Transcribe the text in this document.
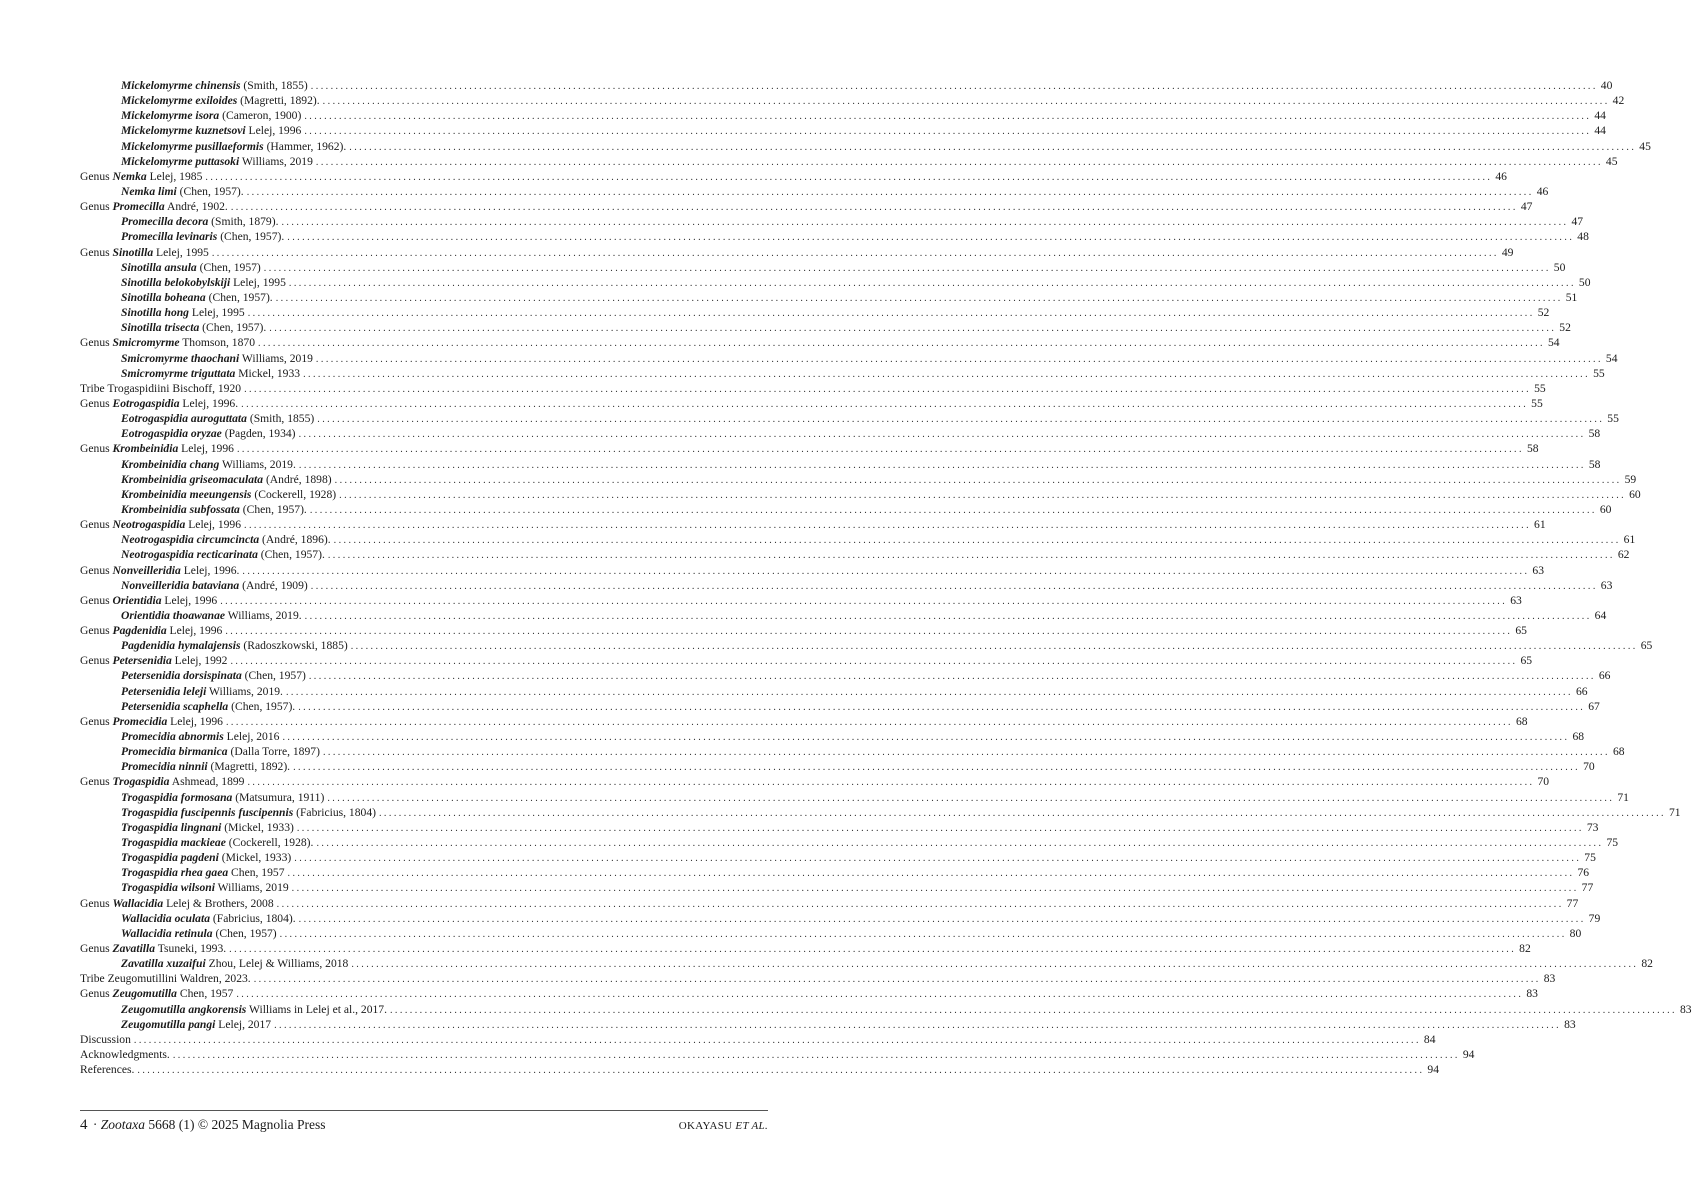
Mickelomyrme chinensis (Smith, 1855) .................................................................................................................................................................................................................................................................... 40
Mickelomyrme exiloides (Magretti, 1892). .................................................................................................................................................................................................................................................................... 42
Mickelomyrme isora (Cameron, 1900) .................................................................................................................................................................................................................................................................... 44
Mickelomyrme kuznetsovi Lelej, 1996 .................................................................................................................................................................................................................................................................... 44
Mickelomyrme pusillaeformis (Hammer, 1962). .................................................................................................................................................................................................................................................................... 45
Mickelomyrme puttasoki Williams, 2019 .................................................................................................................................................................................................................................................................... 45
Genus Nemka Lelej, 1985 .................................................................................................................................................................................................................................................................... 46
Nemka limi (Chen, 1957). .................................................................................................................................................................................................................................................................... 46
Genus Promecilla André, 1902. .................................................................................................................................................................................................................................................................... 47
Promecilla decora (Smith, 1879). .................................................................................................................................................................................................................................................................... 47
Promecilla levinaris (Chen, 1957). .................................................................................................................................................................................................................................................................... 48
Genus Sinotilla Lelej, 1995 .................................................................................................................................................................................................................................................................... 49
Sinotilla ansula (Chen, 1957) .................................................................................................................................................................................................................................................................... 50
Sinotilla belokobylskiji Lelej, 1995 .................................................................................................................................................................................................................................................................... 50
Sinotilla boheana (Chen, 1957). .................................................................................................................................................................................................................................................................... 51
Sinotilla hong Lelej, 1995 .................................................................................................................................................................................................................................................................... 52
Sinotilla trisecta (Chen, 1957). .................................................................................................................................................................................................................................................................... 52
Genus Smicromyrme Thomson, 1870 .................................................................................................................................................................................................................................................................... 54
Smicromyrme thaochani Williams, 2019 .................................................................................................................................................................................................................................................................... 54
Smicromyrme triguttata Mickel, 1933 .................................................................................................................................................................................................................................................................... 55
Tribe Trogaspidiini Bischoff, 1920 .................................................................................................................................................................................................................................................................... 55
Genus Eotrogaspidia Lelej, 1996. .................................................................................................................................................................................................................................................................... 55
Eotrogaspidia auroguttata (Smith, 1855) .................................................................................................................................................................................................................................................................... 55
Eotrogaspidia oryzae (Pagden, 1934) .................................................................................................................................................................................................................................................................... 58
Genus Krombeinidia Lelej, 1996 .................................................................................................................................................................................................................................................................... 58
Krombeinidia chang Williams, 2019. .................................................................................................................................................................................................................................................................... 58
Krombeinidia griseomaculata (André, 1898) .................................................................................................................................................................................................................................................................... 59
Krombeinidia meeungensis (Cockerell, 1928) .................................................................................................................................................................................................................................................................... 60
Krombeinidia subfossata (Chen, 1957). .................................................................................................................................................................................................................................................................... 60
Genus Neotrogaspidia Lelej, 1996 .................................................................................................................................................................................................................................................................... 61
Neotrogaspidia circumcincta (André, 1896). .................................................................................................................................................................................................................................................................... 61
Neotrogaspidia recticarinata (Chen, 1957). .................................................................................................................................................................................................................................................................... 62
Genus Nonveilleridia Lelej, 1996. .................................................................................................................................................................................................................................................................... 63
Nonveilleridia bataviana (André, 1909) .................................................................................................................................................................................................................................................................... 63
Genus Orientidia Lelej, 1996 .................................................................................................................................................................................................................................................................... 63
Orientidia thoawanae Williams, 2019. .................................................................................................................................................................................................................................................................... 64
Genus Pagdenidia Lelej, 1996 .................................................................................................................................................................................................................................................................... 65
Pagdenidia hymalajensis (Radoszkowski, 1885) .................................................................................................................................................................................................................................................................... 65
Genus Petersenidia Lelej, 1992 .................................................................................................................................................................................................................................................................... 65
Petersenidia dorsispinata (Chen, 1957) .................................................................................................................................................................................................................................................................... 66
Petersenidia leleji Williams, 2019. .................................................................................................................................................................................................................................................................... 66
Petersenidia scaphella (Chen, 1957). .................................................................................................................................................................................................................................................................... 67
Genus Promecidia Lelej, 1996 .................................................................................................................................................................................................................................................................... 68
Promecidia abnormis Lelej, 2016 .................................................................................................................................................................................................................................................................... 68
Promecidia birmanica (Dalla Torre, 1897) .................................................................................................................................................................................................................................................................... 68
Promecidia ninnii (Magretti, 1892). .................................................................................................................................................................................................................................................................... 70
Genus Trogaspidia Ashmead, 1899 .................................................................................................................................................................................................................................................................... 70
Trogaspidia formosana (Matsumura, 1911) .................................................................................................................................................................................................................................................................... 71
Trogaspidia fuscipennis fuscipennis (Fabricius, 1804) .................................................................................................................................................................................................................................................................... 71
Trogaspidia lingnani (Mickel, 1933) .................................................................................................................................................................................................................................................................... 73
Trogaspidia mackieae (Cockerell, 1928). .................................................................................................................................................................................................................................................................... 75
Trogaspidia pagdeni (Mickel, 1933) .................................................................................................................................................................................................................................................................... 75
Trogaspidia rhea gaea Chen, 1957 .................................................................................................................................................................................................................................................................... 76
Trogaspidia wilsoni Williams, 2019 .................................................................................................................................................................................................................................................................... 77
Genus Wallacidia Lelej & Brothers, 2008 .................................................................................................................................................................................................................................................................... 77
Wallacidia oculata (Fabricius, 1804). .................................................................................................................................................................................................................................................................... 79
Wallacidia retinula (Chen, 1957) .................................................................................................................................................................................................................................................................... 80
Genus Zavatilla Tsuneki, 1993. .................................................................................................................................................................................................................................................................... 82
Zavatilla xuzaifui Zhou, Lelej & Williams, 2018 .................................................................................................................................................................................................................................................................... 82
Tribe Zeugomutillini Waldren, 2023. .................................................................................................................................................................................................................................................................... 83
Genus Zeugomutilla Chen, 1957 .................................................................................................................................................................................................................................................................... 83
Zeugomutilla angkorensis Williams in Lelej et al., 2017. .................................................................................................................................................................................................................................................................... 83
Zeugomutilla pangi Lelej, 2017 .................................................................................................................................................................................................................................................................... 83
Discussion .................................................................................................................................................................................................................................................................... 84
Acknowledgments. .................................................................................................................................................................................................................................................................... 94
References. .................................................................................................................................................................................................................................................................... 94
4 · Zootaxa 5668 (1) © 2025 Magnolia Press	OKAYASU ET AL.
